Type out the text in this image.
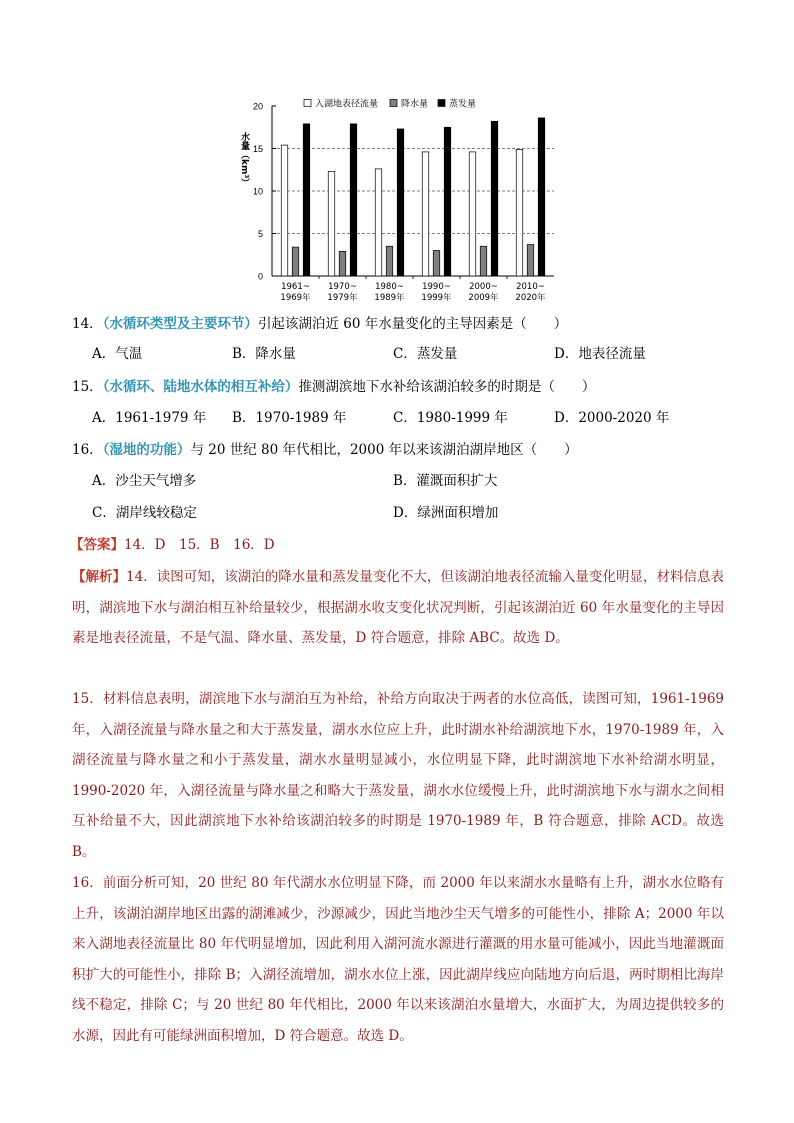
0
5
10
15
20
水量（km³）
1961~ 1969年
1970~ 1979年
1980~ 1989年
1990~ 1999年
2000~ 2009年
2010~ 2020年
入湖地表径流量	降水量 蒸发量
14．（水循环类型及主要环节）引起该湖泊近 60 年水量变化的主导因素是（　　）
A．气温	B．降水量	C．蒸发量	D．地表径流量
15．（水循环、陆地水体的相互补给）推测湖滨地下水补给该湖泊较多的时期是（　　）
A．1961-1979 年 B．1970-1989 年	C．1980-1999 年	D．2000-2020 年
16．（湿地的功能）与 20 世纪 80 年代相比，2000 年以来该湖泊湖岸地区（　　）
A．沙尘天气增多	B．灌溉面积扩大
C．湖岸线较稳定	D．绿洲面积增加
【答案】14．D　15．B　16．D
【解析】14．读图可知，该湖泊的降水量和蒸发量变化不大，但该湖泊地表径流输入量变化明显，材料信息表明，湖滨地下水与湖泊相互补给量较少，根据湖水收支变化状况判断，引起该湖泊近 60 年水量变化的主导因素是地表径流量，不是气温、降水量、蒸发量，D 符合题意，排除 ABC。故选 D。
15．材料信息表明，湖滨地下水与湖泊互为补给，补给方向取决于两者的水位高低，读图可知，1961-1969 年，入湖径流量与降水量之和大于蒸发量，湖水水位应上升，此时湖水补给湖滨地下水，1970-1989 年，入湖径流量与降水量之和小于蒸发量，湖水水量明显减小，水位明显下降，此时湖滨地下水补给湖水明显，1990-2020 年，入湖径流量与降水量之和略大于蒸发量，湖水水位缓慢上升，此时湖滨地下水与湖水之间相互补给量不大，因此湖滨地下水补给该湖泊较多的时期是 1970-1989 年，B 符合题意，排除 ACD。故选 B。
16．前面分析可知，20 世纪 80 年代湖水水位明显下降，而 2000 年以来湖水水量略有上升，湖水水位略有上升，该湖泊湖岸地区出露的湖滩减少，沙源减少，因此当地沙尘天气增多的可能性小，排除 A；2000 年以来入湖地表径流量比 80 年代明显增加，因此利用入湖河流水源进行灌溉的用水量可能减小，因此当地灌溉面积扩大的可能性小，排除 B；入湖径流增加，湖水水位上涨，因此湖岸线应向陆地方向后退，两时期相比海岸线不稳定，排除 C；与 20 世纪 80 年代相比，2000 年以来该湖泊水量增大，水面扩大，为周边提供较多的水源，因此有可能绿洲面积增加，D 符合题意。故选 D。
